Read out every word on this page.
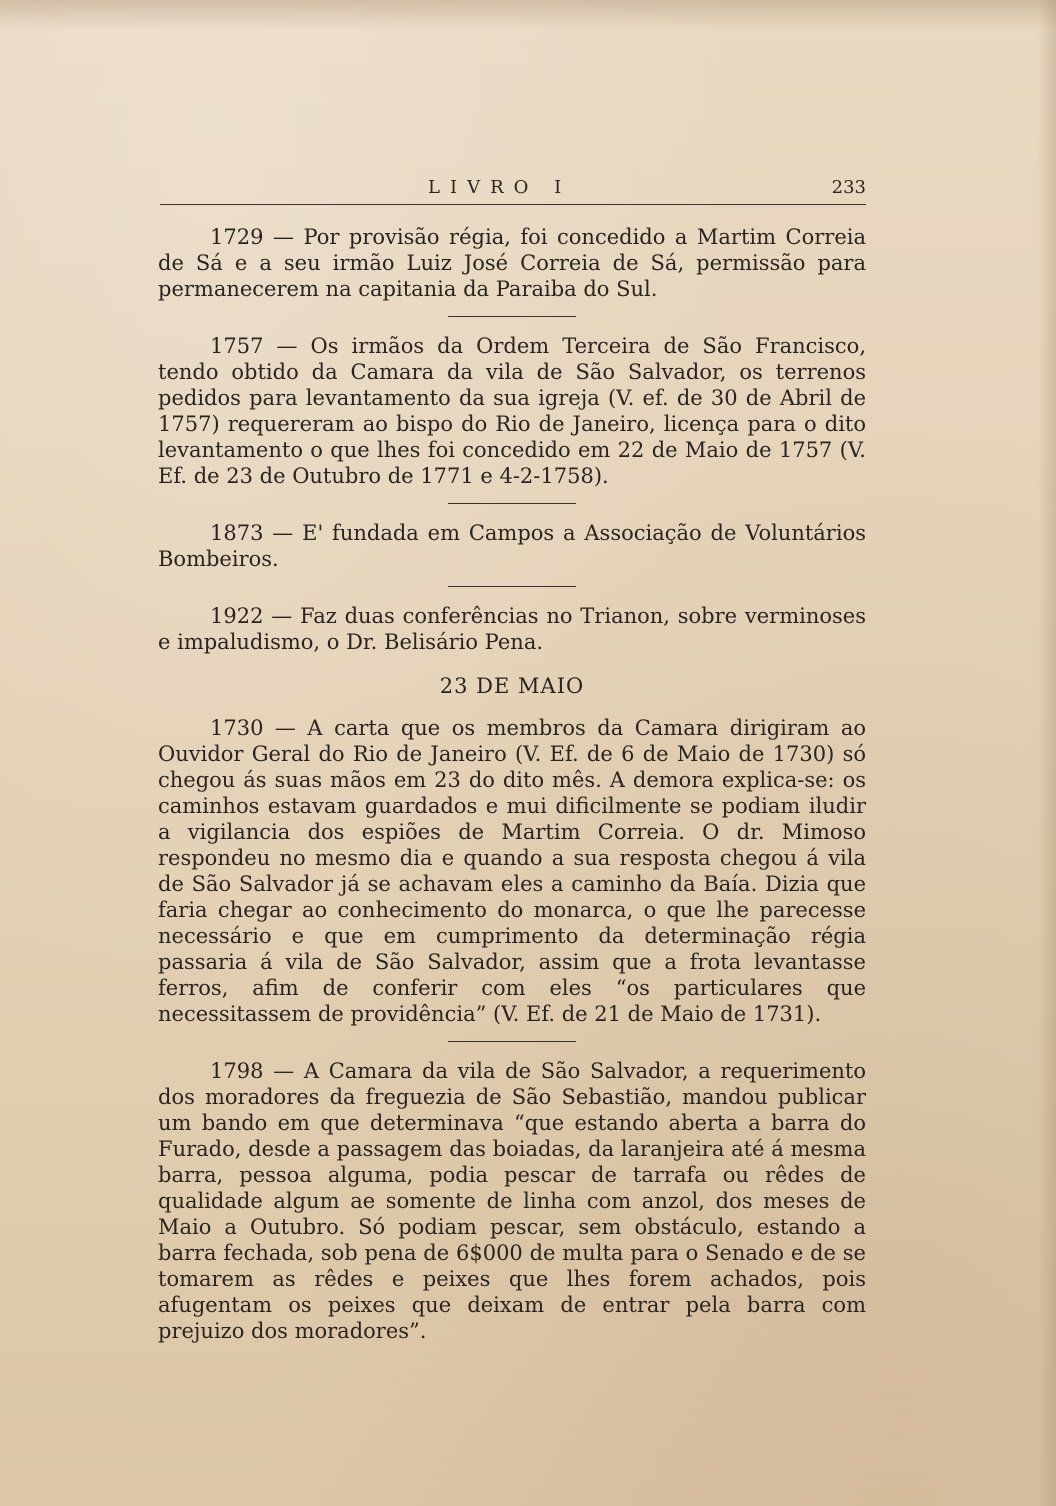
LIVRO I	233

1729 — Por provisão régia, foi concedido a Martim Correia de Sá e a seu irmão Luiz José Correia de Sá, permissão para permanecerem na capitania da Paraiba do Sul.

1757 — Os irmãos da Ordem Terceira de São Francisco, tendo obtido da Camara da vila de São Salvador, os terrenos pedidos para levantamento da sua igreja (V. ef. de 30 de Abril de 1757) requereram ao bispo do Rio de Janeiro, licença para o dito levantamento o que lhes foi concedido em 22 de Maio de 1757 (V. Ef. de 23 de Outubro de 1771 e 4-2-1758).

1873 — E' fundada em Campos a Associação de Voluntários Bombeiros.

1922 — Faz duas conferências no Trianon, sobre verminoses e impaludismo, o Dr. Belisário Pena.

23 DE MAIO

1730 — A carta que os membros da Camara dirigiram ao Ouvidor Geral do Rio de Janeiro (V. Ef. de 6 de Maio de 1730) só chegou ás suas mãos em 23 do dito mês. A demora explica-se: os caminhos estavam guardados e mui dificilmente se podiam iludir a vigilancia dos espiões de Martim Correia. O dr. Mimoso respondeu no mesmo dia e quando a sua resposta chegou á vila de São Salvador já se achavam eles a caminho da Baía. Dizia que faria chegar ao conhecimento do monarca, o que lhe parecesse necessário e que em cumprimento da determinação régia passaria á vila de São Salvador, assim que a frota levantasse ferros, afim de conferir com eles “os particulares que necessitassem de providência” (V. Ef. de 21 de Maio de 1731).

1798 — A Camara da vila de São Salvador, a requerimento dos moradores da freguezia de São Sebastião, mandou publicar um bando em que determinava “que estando aberta a barra do Furado, desde a passagem das boiadas, da laranjeira até á mesma barra, pessoa alguma, podia pescar de tarrafa ou rêdes de qualidade algum ae somente de linha com anzol, dos meses de Maio a Outubro. Só podiam pescar, sem obstáculo, estando a barra fechada, sob pena de 6$000 de multa para o Senado e de se tomarem as rêdes e peixes que lhes forem achados, pois afugentam os peixes que deixam de entrar pela barra com prejuizo dos moradores”.
